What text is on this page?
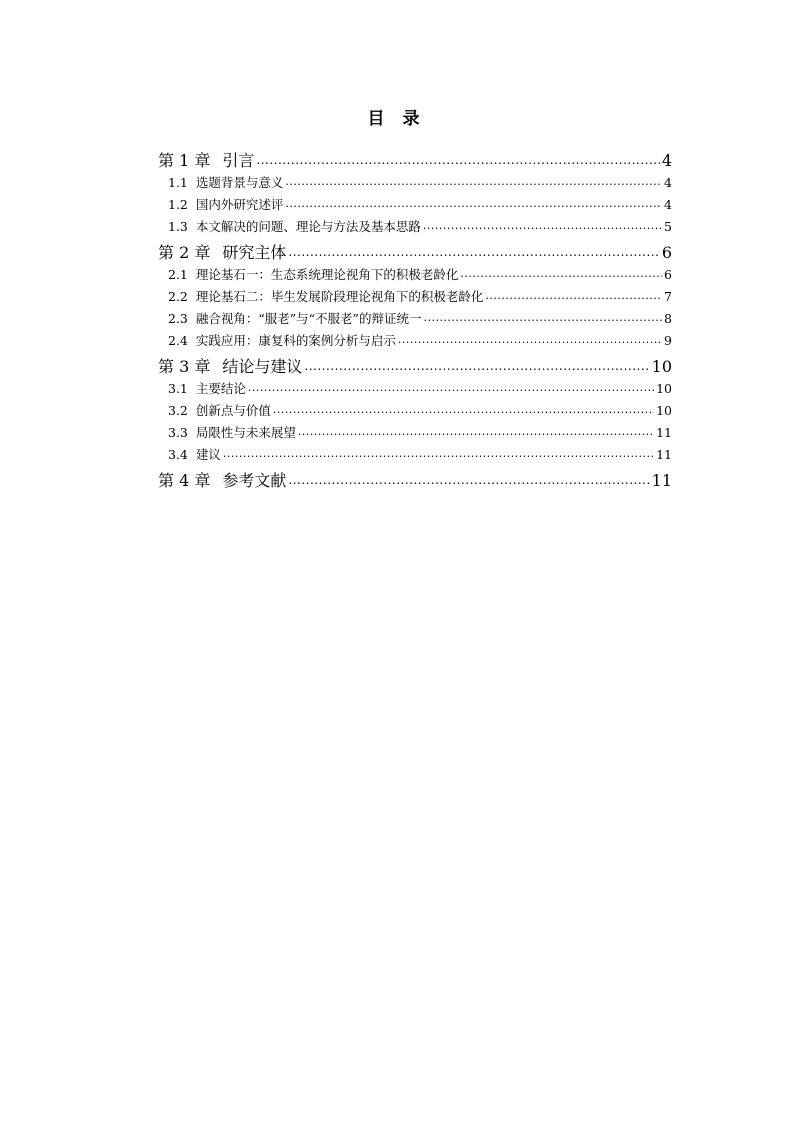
目 录
第 1 章 引言 .....	4
1.1 选题背景与意义 .....	4
1.2 国内外研究述评 .....	4
1.3 本文解决的问题、理论与方法及基本思路 .....	5
第 2 章 研究主体 .....	6
2.1 理论基石一：生态系统理论视角下的积极老龄化 .....	6
2.2 理论基石二：毕生发展阶段理论视角下的积极老龄化 .....	7
2.3 融合视角：“服老”与“不服老”的辩证统一 .....	8
2.4 实践应用：康复科的案例分析与启示 .....	9
第 3 章 结论与建议 .....	10
3.1 主要结论 .....	10
3.2 创新点与价值 .....	10
3.3 局限性与未来展望 .....	11
3.4 建议 .....	11
第 4 章 参考文献 .....	11
